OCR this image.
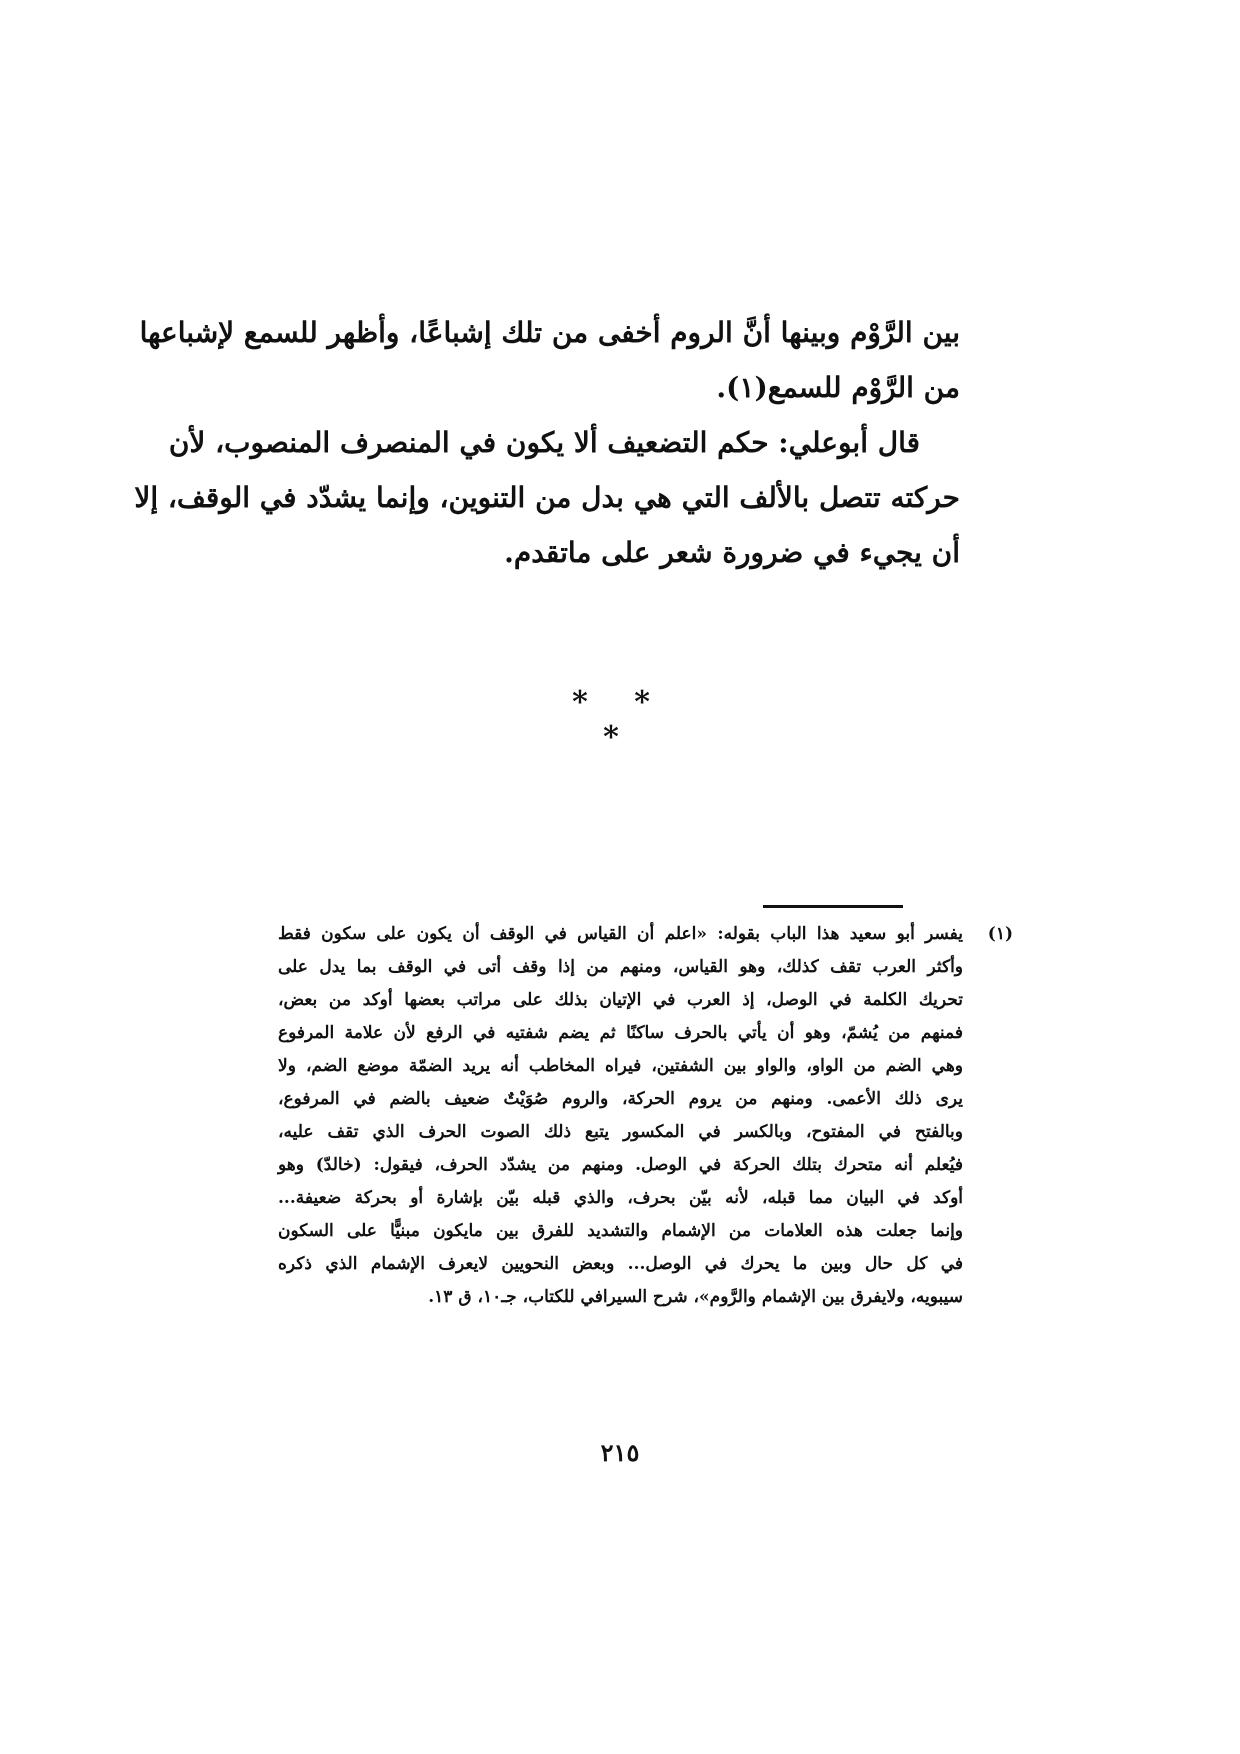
بين الرَّوْم وبينها أنَّ الروم أخفى من تلك إشباعًا، وأظهر للسمع لإشباعها
من الرَّوْم للسمع(١).
قال أبوعلي: حكم التضعيف ألا يكون في المنصرف المنصوب، لأن
حركته تتصل بالألف التي هي بدل من التنوين، وإنما يشدّد في الوقف، إلا
أن يجيء في ضرورة شعر على ماتقدم.
* * *
(١)
يفسر أبو سعيد هذا الباب بقوله: «اعلم أن القياس في الوقف أن يكون على سكون فقط
وأكثر العرب تقف كذلك، وهو القياس، ومنهم من إذا وقف أتى في الوقف بما يدل على
تحريك الكلمة في الوصل، إذ العرب في الإتيان بذلك على مراتب بعضها أوكد من بعض،
فمنهم من يُشمّ، وهو أن يأتي بالحرف ساكنًا ثم يضم شفتيه في الرفع لأن علامة المرفوع
وهي الضم من الواو، والواو بين الشفتين، فيراه المخاطب أنه يريد الضمّة موضع الضم، ولا
يرى ذلك الأعمى. ومنهم من يروم الحركة، والروم صُوَيْتٌ ضعيف بالضم في المرفوع،
وبالفتح في المفتوح، وبالكسر في المكسور يتبع ذلك الصوت الحرف الذي تقف عليه،
فيُعلم أنه متحرك بتلك الحركة في الوصل. ومنهم من يشدّد الحرف، فيقول: (خالدّ) وهو
أوكد في البيان مما قبله، لأنه بيّن بحرف، والذي قبله بيّن بإشارة أو بحركة ضعيفة...
وإنما جعلت هذه العلامات من الإشمام والتشديد للفرق بين مايكون مبنيًّا على السكون
في كل حال وبين ما يحرك في الوصل... وبعض النحويين لايعرف الإشمام الذي ذكره
سيبويه، ولايفرق بين الإشمام والرَّوم»، شرح السيرافي للكتاب، جـ١٠، ق ١٣.
٢١٥
